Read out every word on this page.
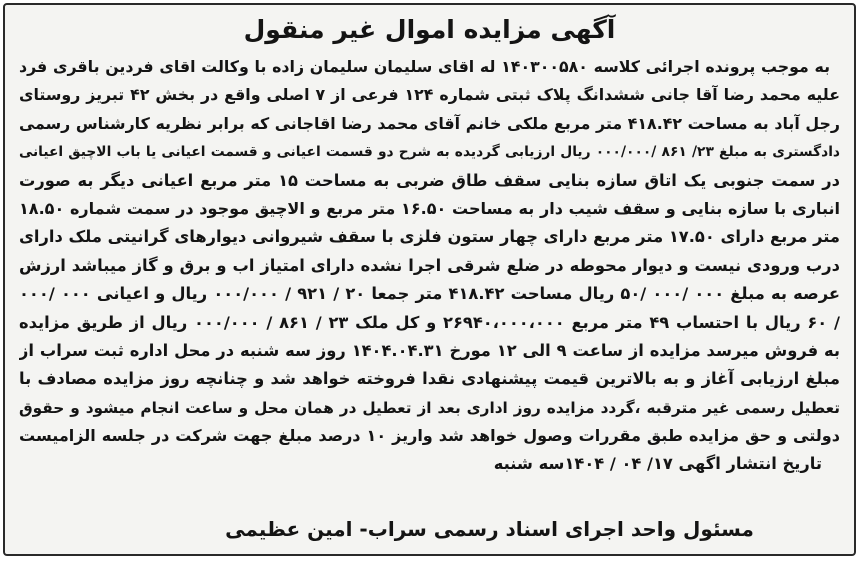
آگهی مزایده اموال غیر منقول
به موجب پرونده اجرائی کلاسه ۱۴۰۳۰۰۵۸۰ له اقای سلیمان سلیمان زاده با وکالت اقای فردین باقری فرد
علیه محمد رضا آقا جانی ششدانگ پلاک ثبتی شماره ۱۲۴ فرعی از ۷ اصلی واقع در بخش ۴۲ تبریز روستای
رجل آباد به مساحت ۴۱۸.۴۲ متر مربع ملکی خانم آقای محمد رضا اقاجانی که برابر نظریه کارشناس رسمی
دادگستری به مبلغ ۲۳/ ۸۶۱ /۰۰۰/۰۰۰ ریال ارزیابی گردیده به شرح دو قسمت اعیانی و قسمت اعیانی یا باب الاچیق اعیانی
در سمت جنوبی یک اتاق سازه بنایی سقف طاق ضربی به مساحت ۱۵ متر مربع اعیانی دیگر به صورت
انباری با سازه بنایی و سقف شیب دار به مساحت ۱۶.۵۰ متر مربع و الاچیق موجود در سمت شماره ۱۸.۵۰
متر مربع دارای ۱۷.۵۰ متر مربع دارای چهار ستون فلزی با سقف شیروانی دیوارهای گرانیتی ملک دارای
درب ورودی نیست و دیوار محوطه در ضلع شرقی اجرا نشده دارای امتیاز اب و برق و گاز میباشد ارزش
عرصه به مبلغ ۰۰۰ /۰۰۰ /۵۰ ریال مساحت ۴۱۸.۴۲ متر جمعا ۲۰ / ۹۲۱ / ۰۰۰/۰۰۰ ریال و اعیانی ۰۰۰ /۰۰۰
/ ۶۰ ریال با احتساب ۴۹ متر مربع ۲۶۹۴۰،۰۰۰،۰۰۰ و کل ملک ۲۳ / ۸۶۱ / ۰۰۰/۰۰۰ ریال از طریق مزایده
به فروش میرسد مزایده از ساعت ۹ الی ۱۲ مورخ ۱۴۰۴.۰۴.۳۱ روز سه شنبه در محل اداره ثبت سراب از
مبلغ ارزیابی آغاز و به بالاترین قیمت پیشنهادی نقدا فروخته خواهد شد و چنانچه روز مزایده مصادف با
تعطیل رسمی غیر مترقبه ،گردد مزایده روز اداری بعد از تعطیل در همان محل و ساعت انجام میشود و حقوق
دولتی و حق مزایده طبق مقررات وصول خواهد شد واریز ۱۰ درصد مبلغ جهت شرکت در جلسه الزامیست
تاریخ انتشار اگهی ۱۷/ ۰۴ / ۱۴۰۴سه شنبه
مسئول واحد اجرای اسناد رسمی سراب- امین عظیمی
